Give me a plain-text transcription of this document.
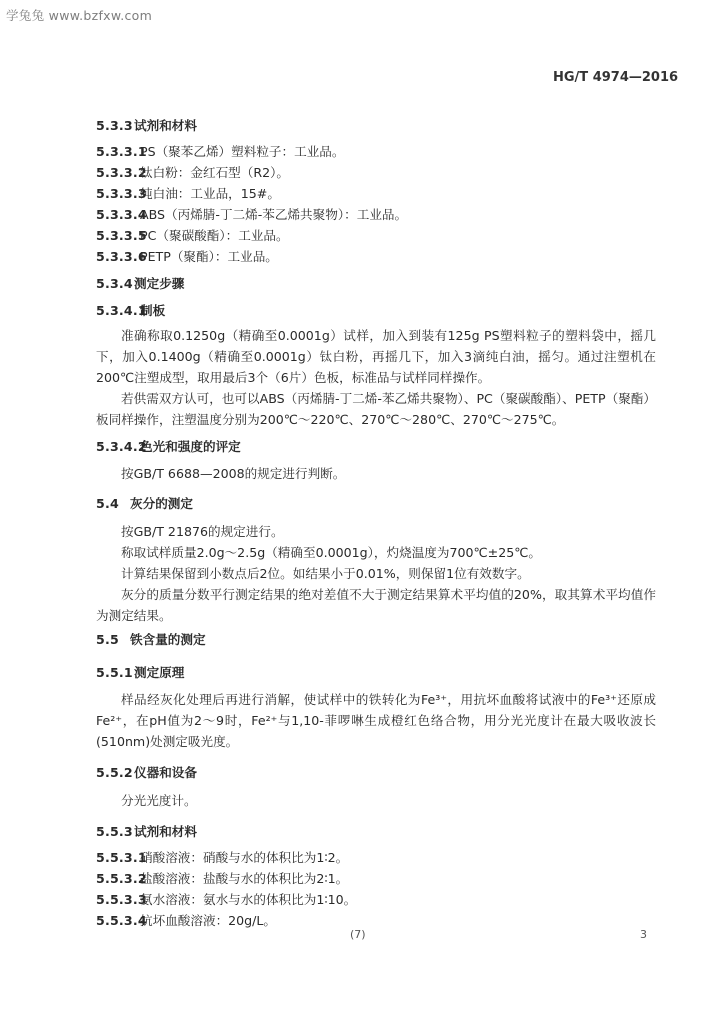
学兔兔 www.bzfxw.com
HG/T 4974—2016
5.3.3试剂和材料
5.3.3.1PS（聚苯乙烯）塑料粒子：工业品。
5.3.3.2钛白粉：金红石型（R2）。
5.3.3.3纯白油：工业品，15#。
5.3.3.4ABS（丙烯腈-丁二烯-苯乙烯共聚物）：工业品。
5.3.3.5PC（聚碳酸酯）：工业品。
5.3.3.6PETP（聚酯）：工业品。
5.3.4测定步骤
5.3.4.1制板
准确称取0.1250g（精确至0.0001g）试样，加入到装有125g PS塑料粒子的塑料袋中，摇几下，加入0.1400g（精确至0.0001g）钛白粉，再摇几下，加入3滴纯白油，摇匀。通过注塑机在200℃注塑成型，取用最后3个（6片）色板，标准品与试样同样操作。
若供需双方认可，也可以ABS（丙烯腈-丁二烯-苯乙烯共聚物）、PC（聚碳酸酯）、PETP（聚酯）板同样操作，注塑温度分别为200℃～220℃、270℃～280℃、270℃～275℃。
5.3.4.2色光和强度的评定
按GB/T 6688—2008的规定进行判断。
5.4 灰分的测定
按GB/T 21876的规定进行。
称取试样质量2.0g～2.5g（精确至0.0001g），灼烧温度为700℃±25℃。
计算结果保留到小数点后2位。如结果小于0.01%，则保留1位有效数字。
灰分的质量分数平行测定结果的绝对差值不大于测定结果算术平均值的20%，取其算术平均值作为测定结果。
5.5 铁含量的测定
5.5.1测定原理
样品经灰化处理后再进行消解，使试样中的铁转化为Fe³⁺，用抗坏血酸将试液中的Fe³⁺还原成Fe²⁺，在pH值为2～9时，Fe²⁺与1,10-菲啰啉生成橙红色络合物，用分光光度计在最大吸收波长(510nm)处测定吸光度。
5.5.2仪器和设备
分光光度计。
5.5.3试剂和材料
5.5.3.1硝酸溶液：硝酸与水的体积比为1∶2。
5.5.3.2盐酸溶液：盐酸与水的体积比为2∶1。
5.5.3.3氨水溶液：氨水与水的体积比为1∶10。
5.5.3.4抗坏血酸溶液：20g/L。
(7)	3
